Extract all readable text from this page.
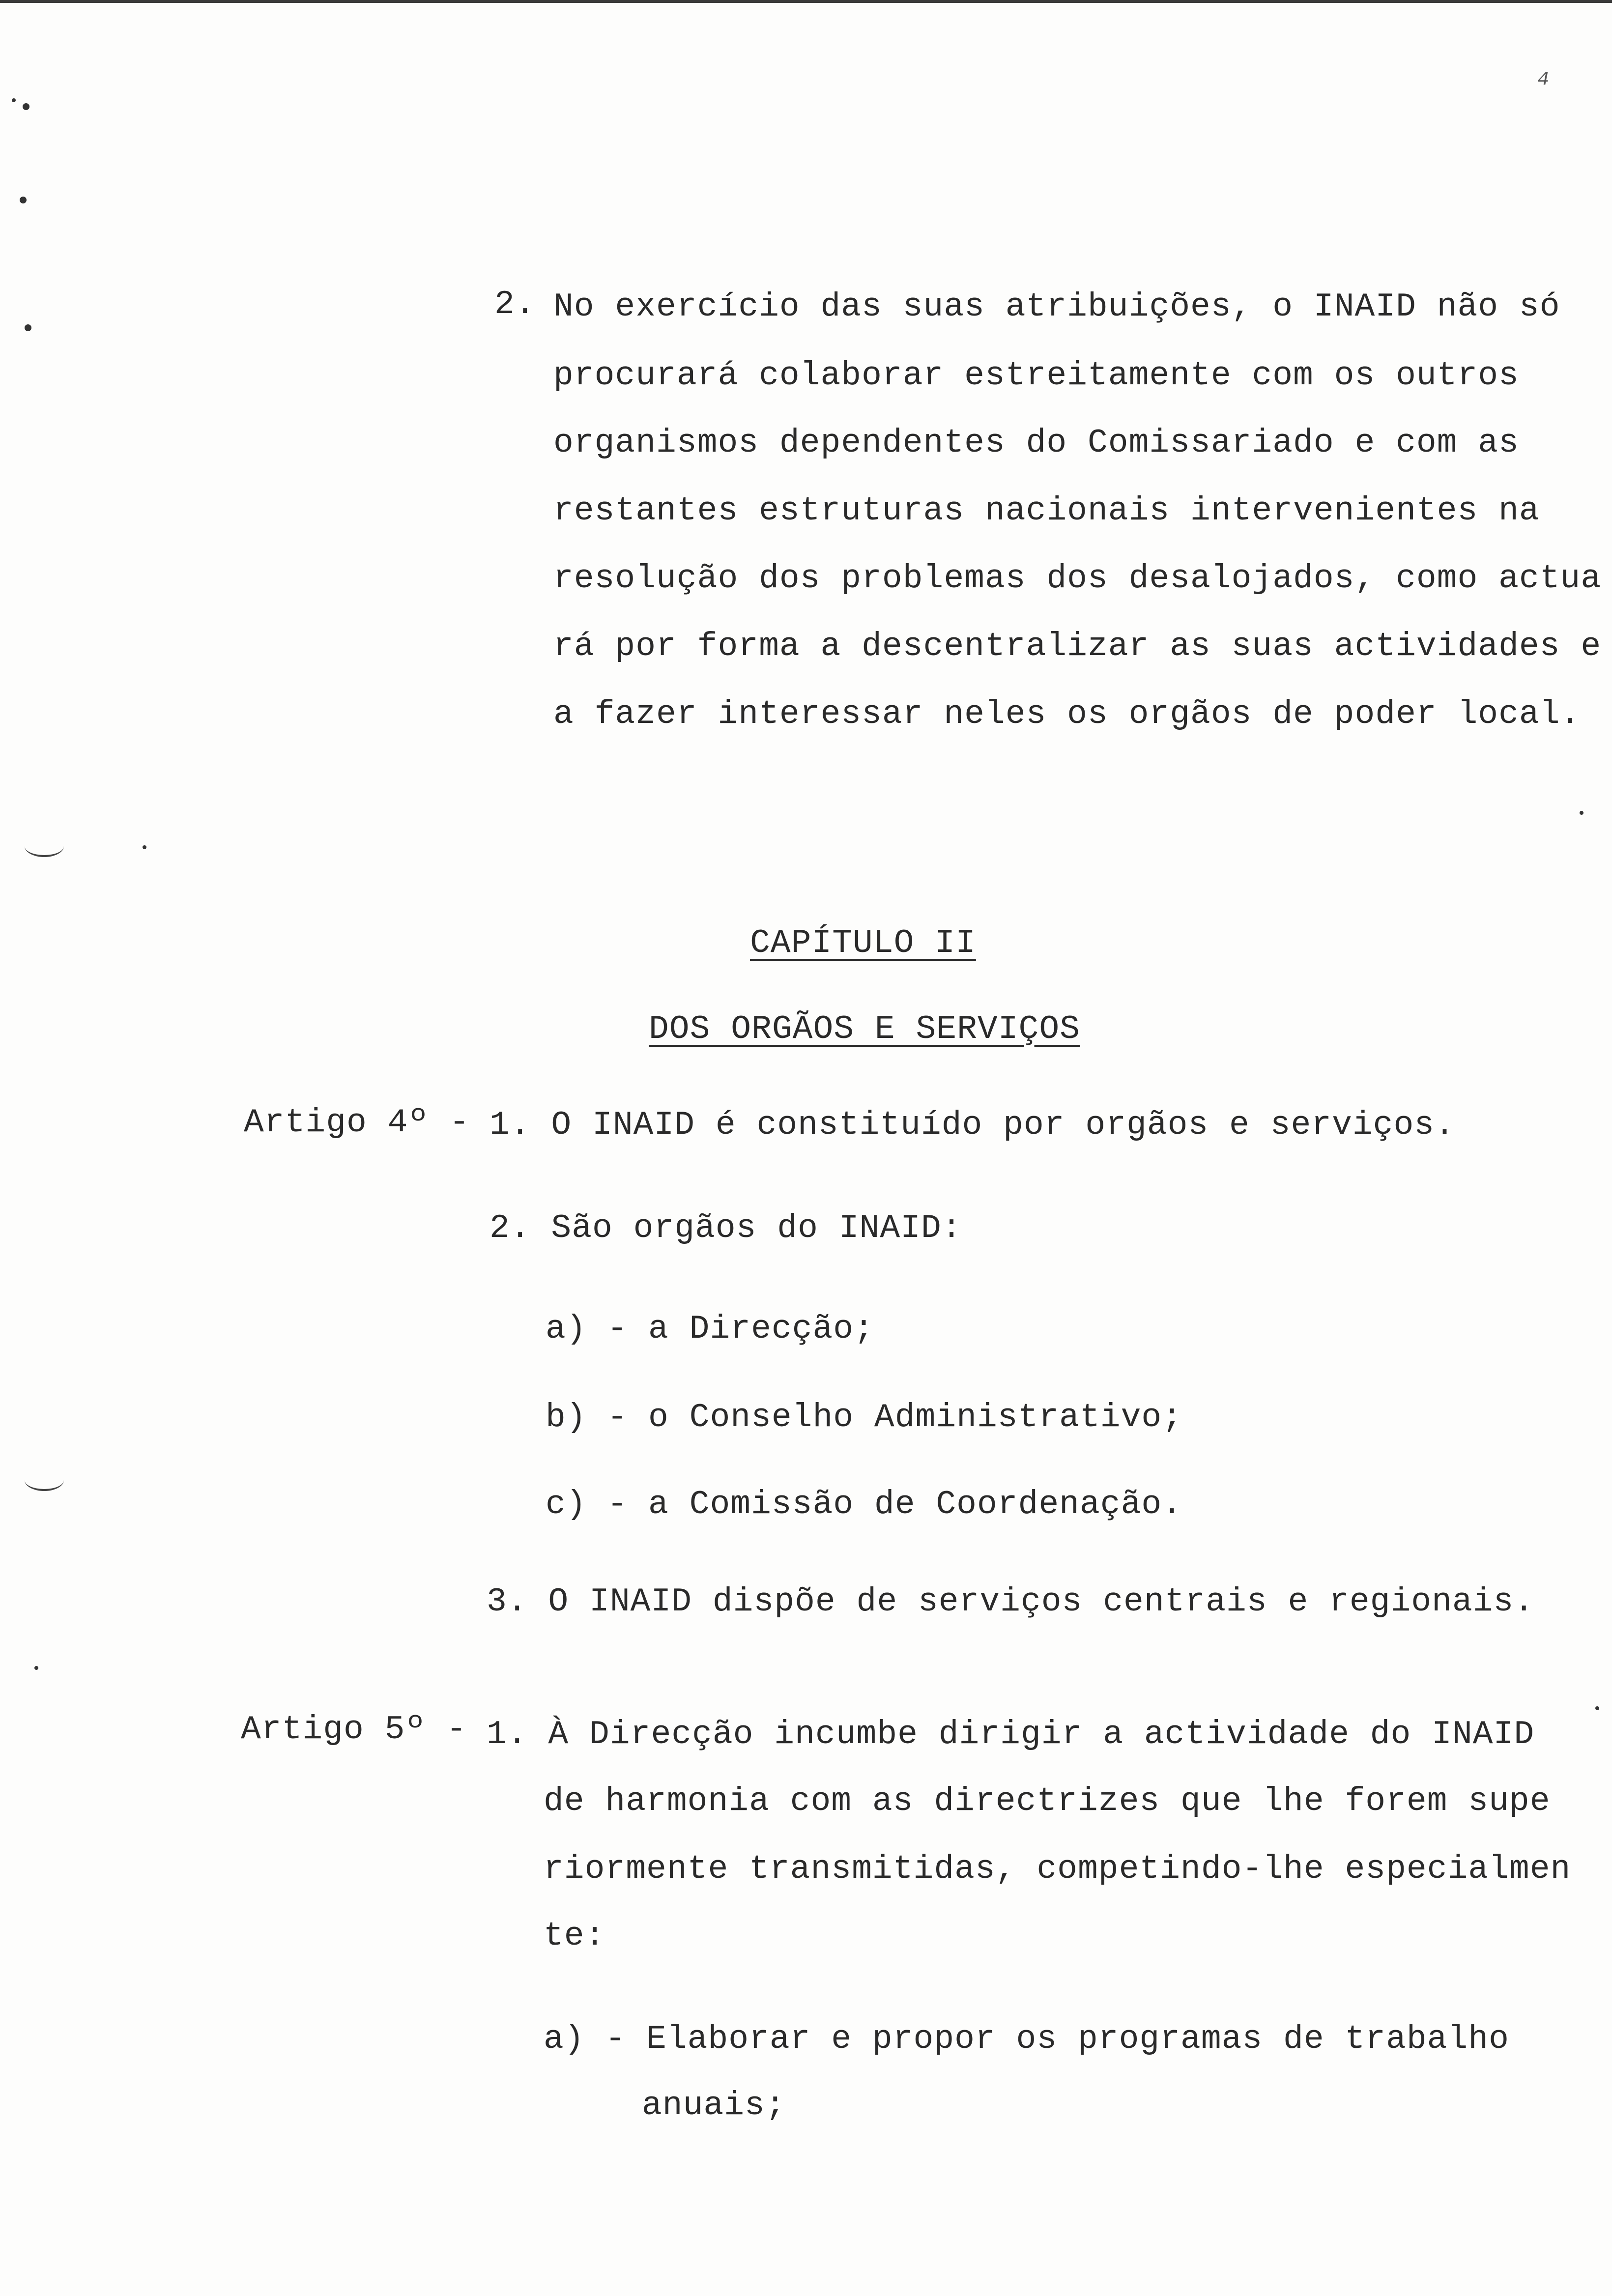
4
2. No exercício das suas atribuições, o INAID não só
procurará colaborar estreitamente com os outros
organismos dependentes do Comissariado e com as
restantes estruturas nacionais intervenientes na
resolução dos problemas dos desalojados, como actua
rá por forma a descentralizar as suas actividades e
a fazer interessar neles os orgãos de poder local.
CAPÍTULO II
DOS ORGÃOS E SERVIÇOS
Artigo 4º - 1. O INAID é constituído por orgãos e serviços.
2. São orgãos do INAID:
a) - a Direcção;
b) - o Conselho Administrativo;
c) - a Comissão de Coordenação.
3. O INAID dispõe de serviços centrais e regionais.
Artigo 5º - 1. À Direcção incumbe dirigir a actividade do INAID
de harmonia com as directrizes que lhe forem supe
riormente transmitidas, competindo-lhe especialmen
te:
a) - Elaborar e propor os programas de trabalho
anuais;
